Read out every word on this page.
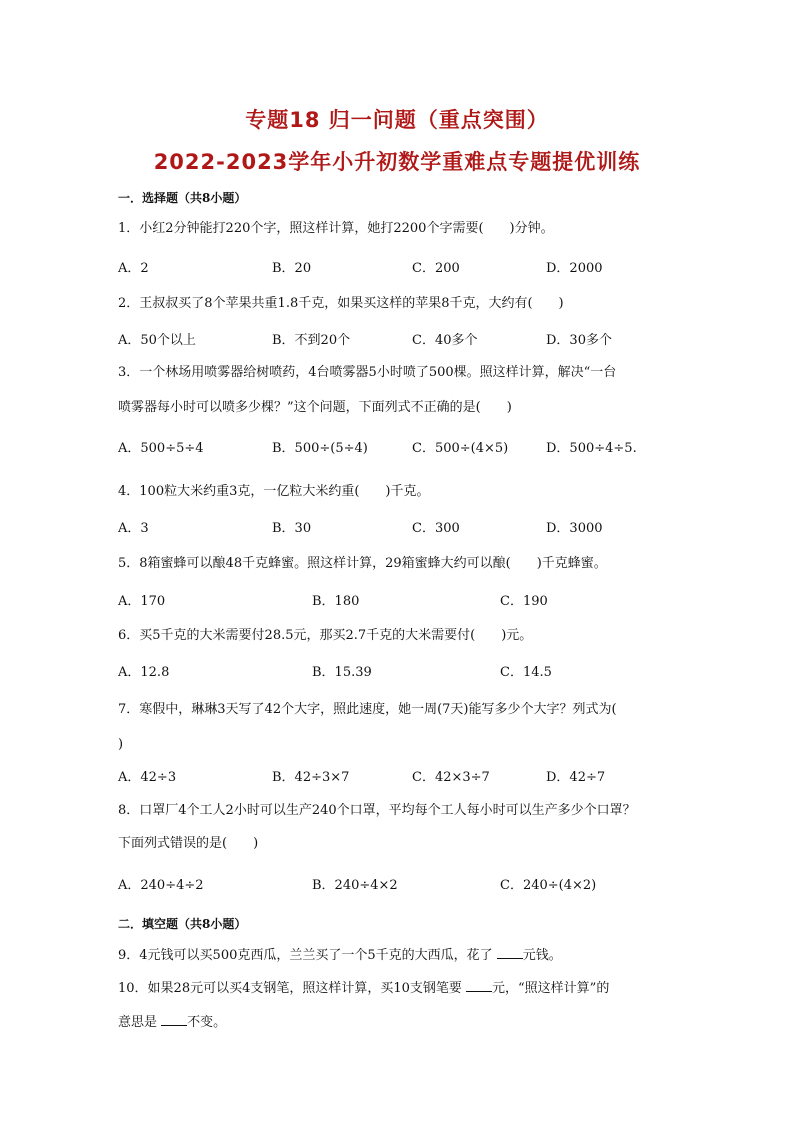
专题18 归一问题（重点突围）
2022-2023学年小升初数学重难点专题提优训练
一．选择题（共8小题）
1．小红2分钟能打220个字，照这样计算，她打2200个字需要(　　)分钟。
A．2	B．20	C．200	D．2000
2．王叔叔买了8个苹果共重1.8千克，如果买这样的苹果8千克，大约有(　　)
A．50个以上	B．不到20个	C．40多个	D．30多个
3．一个林场用喷雾器给树喷药，4台喷雾器5小时喷了500棵。照这样计算，解决“一台
喷雾器每小时可以喷多少棵？”这个问题，下面列式不正确的是(　　)
A．500÷5÷4	B．500÷(5÷4)	C．500÷(4×5)	D．500÷4÷5.
4．100粒大米约重3克，一亿粒大米约重(　　)千克。
A．3	B．30	C．300	D．3000
5．8箱蜜蜂可以酿48千克蜂蜜。照这样计算，29箱蜜蜂大约可以酿(　　)千克蜂蜜。
A．170	B．180	C．190
6．买5千克的大米需要付28.5元，那买2.7千克的大米需要付(　　)元。
A．12.8	B．15.39	C．14.5
7．寒假中，琳琳3天写了42个大字，照此速度，她一周(7天)能写多少个大字？列式为(
)
A．42÷3	B．42÷3×7	C．42×3÷7	D．42÷7
8．口罩厂4个工人2小时可以生产240个口罩，平均每个工人每小时可以生产多少个口罩？
下面列式错误的是(　　)
A．240÷4÷2	B．240÷4×2	C．240÷(4×2)
二．填空题（共8小题）
9．4元钱可以买500克西瓜，兰兰买了一个5千克的大西瓜，花了 元钱。
10．如果28元可以买4支钢笔，照这样计算，买10支钢笔要 元，“照这样计算”的
意思是 不变。
